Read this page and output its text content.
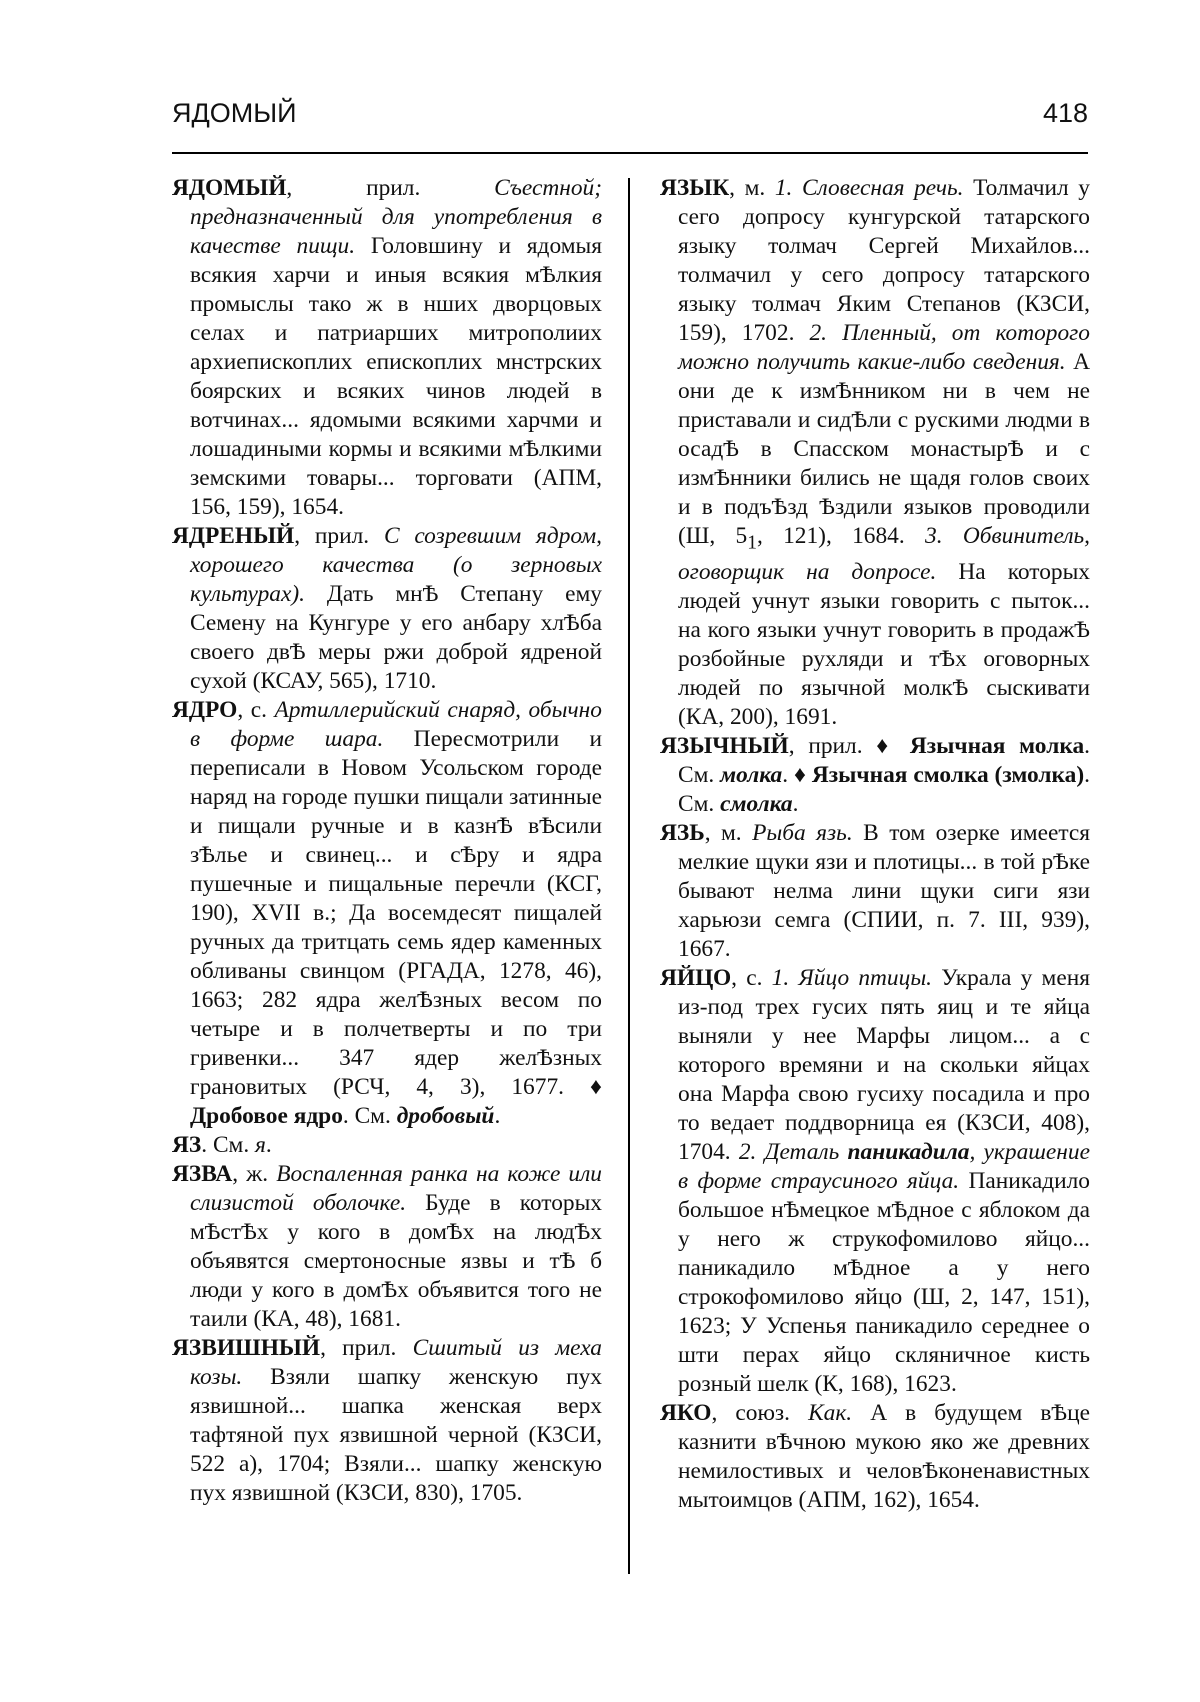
ЯДОМЫЙ	418

ЯДОМЫЙ, прил. Съестной; предназначенный для употребления в качестве пищи. Головшину и ядомыя всякия харчи и иныя всякия мѢлкия промыслы тако ж в нших дворцовых селах и патриарших митрополиих архиепископлих епископлих мнстрских боярских и всяких чинов людей в вотчинах... ядомыми всякими харчми и лошадиными кормы и всякими мѢлкими земскими товары... торговати (АПМ, 156, 159), 1654.

ЯДРЕНЫЙ, прил. С созревшим ядром, хорошего качества (о зерновых культурах). Дать мнѢ Степану ему Семену на Кунгуре у его анбару хлѢба своего двѢ меры ржи доброй ядреной сухой (КСАУ, 565), 1710.

ЯДРО, с. Артиллерийский снаряд, обычно в форме шара. Пересмотрили и переписали в Новом Усольском городе наряд на городе пушки пищали затинные и пищали ручные и в казнѢ вѢсили зѢлье и свинец... и сѢру и ядра пушечные и пищальные перечли (КСГ, 190), XVII в.; Да восемдесят пищалей ручных да тритцать семь ядер каменных обливаны свинцом (РГАДА, 1278, 46), 1663; 282 ядра желѢзных весом по четыре и в полчетверты и по три гривенки... 347 ядер желѢзных грановитых (РСЧ, 4, 3), 1677. ♦ Дробовое ядро. См. дробовый.

ЯЗ. См. я.

ЯЗВА, ж. Воспаленная ранка на коже или слизистой оболочке. Буде в которых мѢстѢх у кого в домѢх на людѢх объявятся смертоносные язвы и тѢ б люди у кого в домѢх объявится того не таили (КА, 48), 1681.

ЯЗВИШНЫЙ, прил. Сшитый из меха козы. Взяли шапку женскую пух язвишной... шапка женская верх тафтяной пух язвишной черной (КЗСИ, 522 а), 1704; Взяли... шапку женскую пух язвишной (КЗСИ, 830), 1705.

ЯЗЫК, м. 1. Словесная речь. Толмачил у сего допросу кунгурской татарского языку толмач Сергей Михайлов... толмачил у сего допросу татарского языку толмач Яким Степанов (КЗСИ, 159), 1702. 2. Пленный, от которого можно получить какие-либо сведения. А они де к измѢнником ни в чем не приставали и сидѢли с рускими людми в осадѢ в Спасском монастырѢ и с измѢнники бились не щадя голов своих и в подъѢзд Ѣздили языков проводили (Ш, $5_1$, 121), 1684. 3. Обвинитель, оговорщик на допросе. На которых людей учнут языки говорить с пыток... на кого языки учнут говорить в продажѢ розбойные рухляди и тѢх оговорных людей по язычной молкѢ сыскивати (КА, 200), 1691.

ЯЗЫЧНЫЙ, прил. ♦ Язычная молка. См. молка. ♦ Язычная смолка (змолка). См. смолка.

ЯЗЬ, м. Рыба язь. В том озерке имеется мелкие щуки язи и плотицы... в той рѢке бывают нелма лини щуки сиги язи харьюзи семга (СПИИ, п. 7. III, 939), 1667.

ЯЙЦО, с. 1. Яйцо птицы. Украла у меня из-под трех гусих пять яиц и те яйца выняли у нее Марфы лицом... а с которого времяни и на скольки яйцах она Марфа свою гусиху посадила и про то ведает поддворница ея (КЗСИ, 408), 1704. 2. Деталь паникадила, украшение в форме страусиного яйца. Паникадило большое нѢмецкое мѢдное с яблоком да у него ж струкофомилово яйцо... паникадило мѢдное а у него строкофомилово яйцо (Ш, 2, 147, 151), 1623; У Успенья паникадило середнее о шти перах яйцо скляничное кисть розный шелк (К, 168), 1623.

ЯКО, союз. Как. А в будущем вѢце казнити вѢчною мукою яко же древних немилостивых и человѢконенавистных мытоимцов (АПМ, 162), 1654.
